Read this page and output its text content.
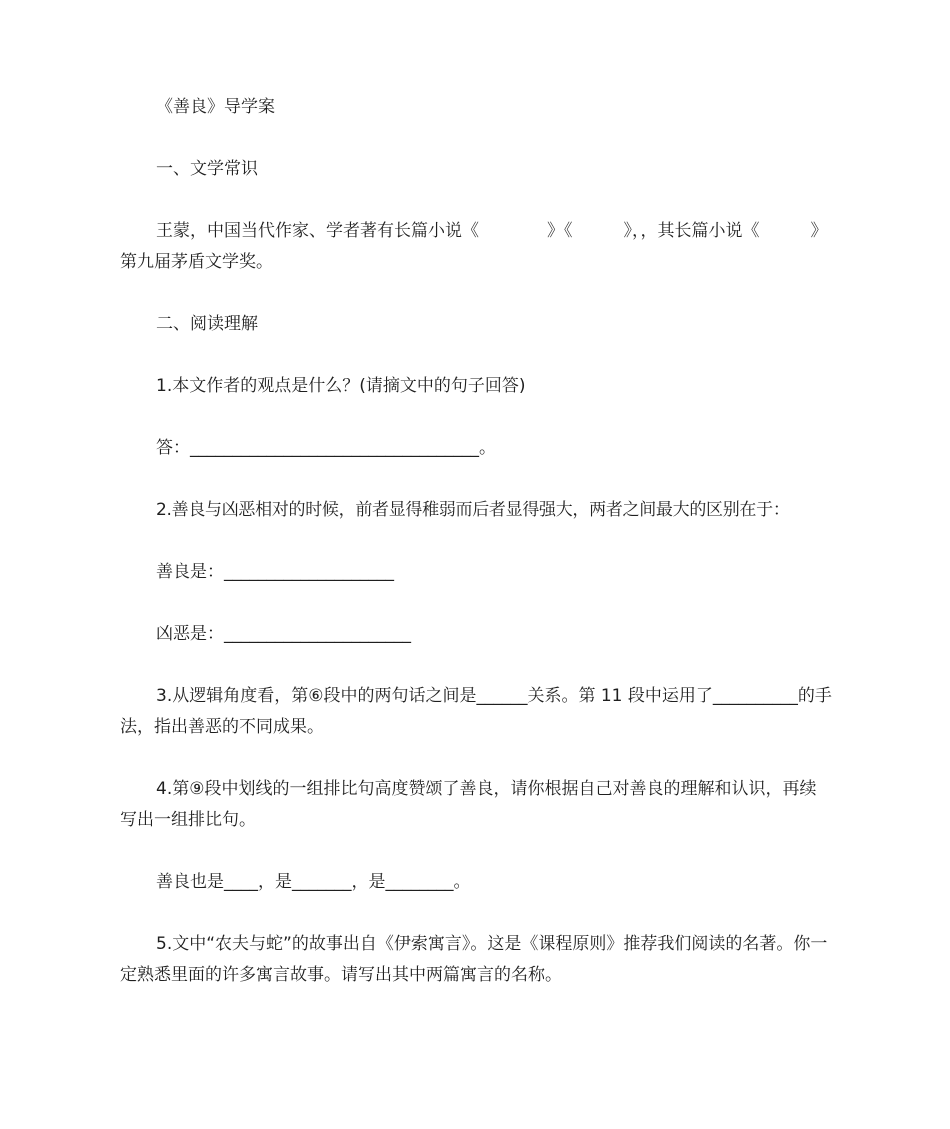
《善良》导学案

一、文学常识

王蒙，中国当代作家、学者著有长篇小说《　　　　》《　　　》，，其长篇小说《　　　》第九届茅盾文学奖。

二、阅读理解

1.本文作者的观点是什么？(请摘文中的句子回答)

答：__________________________________。

2.善良与凶恶相对的时候，前者显得稚弱而后者显得强大，两者之间最大的区别在于：

善良是：____________________

凶恶是：______________________

3.从逻辑角度看，第⑥段中的两句话之间是______关系。第 11 段中运用了__________的手法，指出善恶的不同成果。

4.第⑨段中划线的一组排比句高度赞颂了善良，请你根据自己对善良的理解和认识，再续写出一组排比句。

善良也是____，是_______，是________。

5.文中“农夫与蛇”的故事出自《伊索寓言》。这是《课程原则》推荐我们阅读的名著。你一定熟悉里面的许多寓言故事。请写出其中两篇寓言的名称。
